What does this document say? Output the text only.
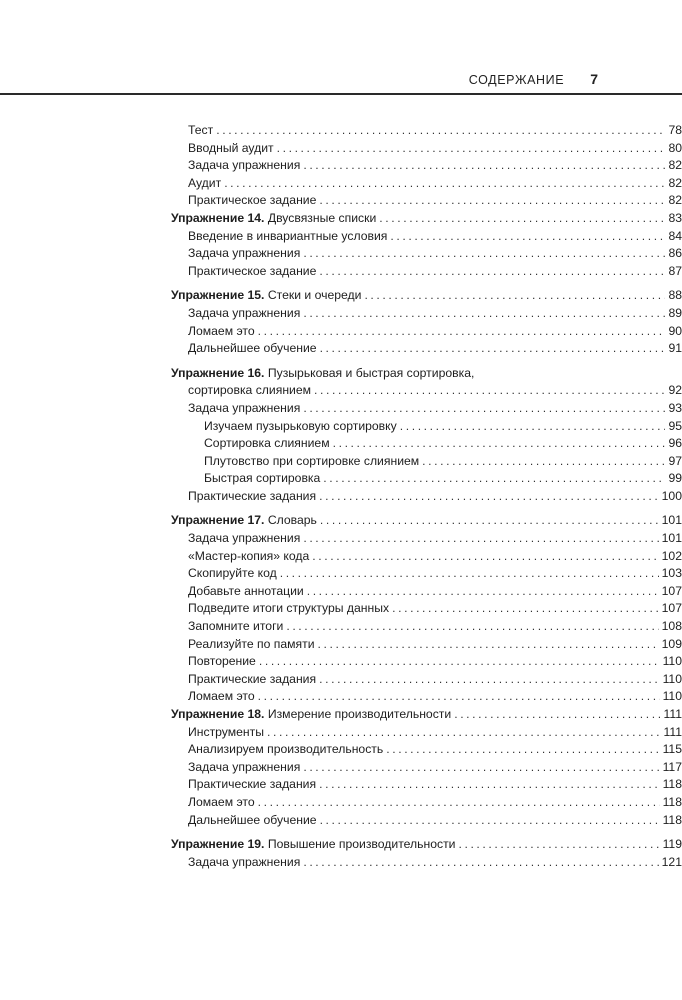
СОДЕРЖАНИЕ 7
Тест .....	78
Вводный аудит .....	80
Задача упражнения .....	82
Аудит .....	82
Практическое задание .....	82
Упражнение 14. Двусвязные списки .....	83
Введение в инвариантные условия .....	84
Задача упражнения .....	86
Практическое задание .....	87
Упражнение 15. Стеки и очереди .....	88
Задача упражнения .....	89
Ломаем это .....	90
Дальнейшее обучение .....	91
Упражнение 16. Пузырьковая и быстрая сортировка,
сортировка слиянием .....	92
Задача упражнения .....	93
Изучаем пузырьковую сортировку .....	95
Сортировка слиянием .....	96
Плутовство при сортировке слиянием .....	97
Быстрая сортировка .....	99
Практические задания .....	100
Упражнение 17. Словарь .....	101
Задача упражнения .....	101
«Мастер-копия» кода .....	102
Скопируйте код .....	103
Добавьте аннотации .....	107
Подведите итоги структуры данных .....	107
Запомните итоги .....	108
Реализуйте по памяти .....	109
Повторение .....	110
Практические задания .....	110
Ломаем это .....	110
Упражнение 18. Измерение производительности .....	111
Инструменты .....	111
Анализируем производительность .....	115
Задача упражнения .....	117
Практические задания .....	118
Ломаем это .....	118
Дальнейшее обучение .....	118
Упражнение 19. Повышение производительности .....	119
Задача упражнения .....	121
